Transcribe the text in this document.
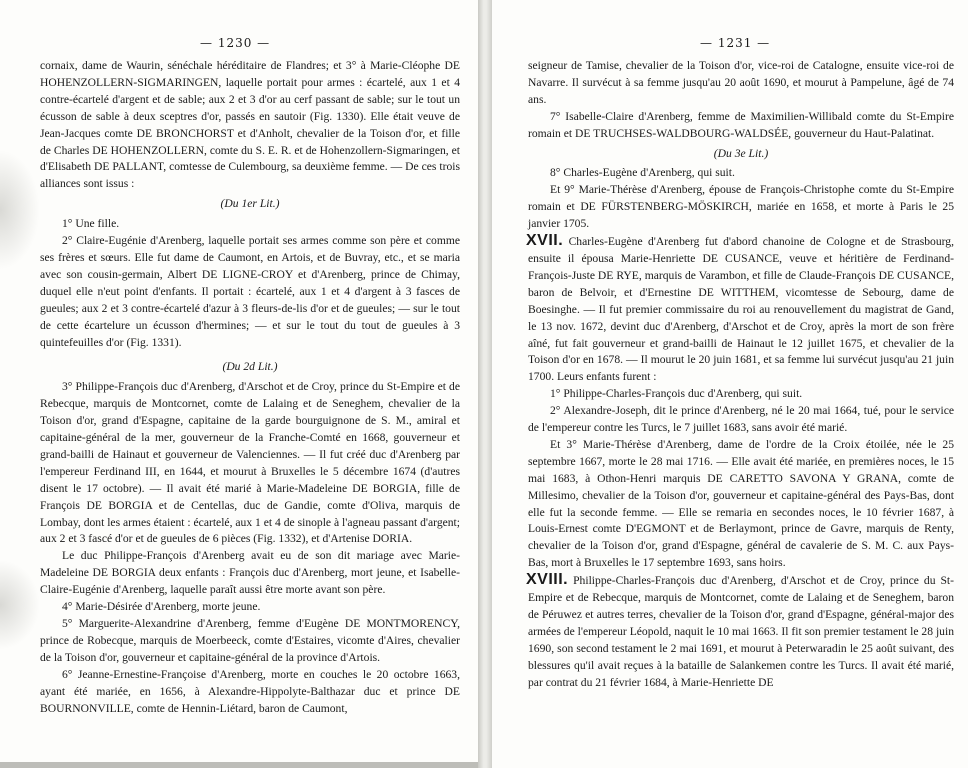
— 1230 —

cornaix, dame de Waurin, sénéchale héréditaire de Flandres; et 3° à Marie-Cléophe DE HOHENZOLLERN-SIGMARINGEN, laquelle portait pour armes : écartelé, aux 1 et 4 contre-écartelé d'argent et de sable; aux 2 et 3 d'or au cerf passant de sable; sur le tout un écusson de sable à deux sceptres d'or, passés en sautoir (Fig. 1330). Elle était veuve de Jean-Jacques comte DE BRONCHORST et d'Anholt, chevalier de la Toison d'or, et fille de Charles DE HOHENZOLLERN, comte du S. E. R. et de Hohenzollern-Sigmaringen, et d'Elisabeth DE PALLANT, comtesse de Culembourg, sa deuxième femme. — De ces trois alliances sont issus :

(Du 1er Lit.)

1° Une fille.

2° Claire-Eugénie d'Arenberg, laquelle portait ses armes comme son père et comme ses frères et sœurs. Elle fut dame de Caumont, en Artois, et de Buvray, etc., et se maria avec son cousin-germain, Albert DE LIGNE-CROY et d'Arenberg, prince de Chimay, duquel elle n'eut point d'enfants. Il portait : écartelé, aux 1 et 4 d'argent à 3 fasces de gueules; aux 2 et 3 contre-écartelé d'azur à 3 fleurs-de-lis d'or et de gueules; — sur le tout de cette écartelure un écusson d'hermines; — et sur le tout du tout de gueules à 3 quintefeuilles d'or (Fig. 1331).

(Du 2d Lit.)

3° Philippe-François duc d'Arenberg, d'Arschot et de Croy, prince du St-Empire et de Rebecque, marquis de Montcornet, comte de Lalaing et de Seneghem, chevalier de la Toison d'or, grand d'Espagne, capitaine de la garde bourguignone de S. M., amiral et capitaine-général de la mer, gouverneur de la Franche-Comté en 1668, gouverneur et grand-bailli de Hainaut et gouverneur de Valenciennes. — Il fut créé duc d'Arenberg par l'empereur Ferdinand III, en 1644, et mourut à Bruxelles le 5 décembre 1674 (d'autres disent le 17 octobre). — Il avait été marié à Marie-Madeleine DE BORGIA, fille de François DE BORGIA et de Centellas, duc de Gandie, comte d'Oliva, marquis de Lombay, dont les armes étaient : écartelé, aux 1 et 4 de sinople à l'agneau passant d'argent; aux 2 et 3 fascé d'or et de gueules de 6 pièces (Fig. 1332), et d'Artenise DORIA.

Le duc Philippe-François d'Arenberg avait eu de son dit mariage avec Marie-Madeleine DE BORGIA deux enfants : François duc d'Arenberg, mort jeune, et Isabelle-Claire-Eugénie d'Arenberg, laquelle paraît aussi être morte avant son père.

4° Marie-Désirée d'Arenberg, morte jeune.

5° Marguerite-Alexandrine d'Arenberg, femme d'Eugène DE MONTMORENCY, prince de Robecque, marquis de Moerbeeck, comte d'Estaires, vicomte d'Aires, chevalier de la Toison d'or, gouverneur et capitaine-général de la province d'Artois.

6° Jeanne-Ernestine-Françoise d'Arenberg, morte en couches le 20 octobre 1663, ayant été mariée, en 1656, à Alexandre-Hippolyte-Balthazar duc et prince DE BOURNONVILLE, comte de Hennin-Liétard, baron de Caumont,

— 1231 —

seigneur de Tamise, chevalier de la Toison d'or, vice-roi de Catalogne, ensuite vice-roi de Navarre. Il survécut à sa femme jusqu'au 20 août 1690, et mourut à Pampelune, âgé de 74 ans.

7° Isabelle-Claire d'Arenberg, femme de Maximilien-Willibald comte du St-Empire romain et DE TRUCHSES-WALDBOURG-WALDSÉE, gouverneur du Haut-Palatinat.

(Du 3e Lit.)

8° Charles-Eugène d'Arenberg, qui suit.

Et 9° Marie-Thérèse d'Arenberg, épouse de François-Christophe comte du St-Empire romain et DE FÜRSTENBERG-MÖSKIRCH, mariée en 1658, et morte à Paris le 25 janvier 1705.

XVII. Charles-Eugène d'Arenberg fut d'abord chanoine de Cologne et de Strasbourg, ensuite il épousa Marie-Henriette DE CUSANCE, veuve et héritière de Ferdinand-François-Juste DE RYE, marquis de Varambon, et fille de Claude-François DE CUSANCE, baron de Belvoir, et d'Ernestine DE WITTHEM, vicomtesse de Sebourg, dame de Boesinghe. — Il fut premier commissaire du roi au renouvellement du magistrat de Gand, le 13 nov. 1672, devint duc d'Arenberg, d'Arschot et de Croy, après la mort de son frère aîné, fut fait gouverneur et grand-bailli de Hainaut le 12 juillet 1675, et chevalier de la Toison d'or en 1678. — Il mourut le 20 juin 1681, et sa femme lui survécut jusqu'au 21 juin 1700. Leurs enfants furent :

1° Philippe-Charles-François duc d'Arenberg, qui suit.

2° Alexandre-Joseph, dit le prince d'Arenberg, né le 20 mai 1664, tué, pour le service de l'empereur contre les Turcs, le 7 juillet 1683, sans avoir été marié.

Et 3° Marie-Thérèse d'Arenberg, dame de l'ordre de la Croix étoilée, née le 25 septembre 1667, morte le 28 mai 1716. — Elle avait été mariée, en premières noces, le 15 mai 1683, à Othon-Henri marquis DE CARETTO SAVONA Y GRANA, comte de Millesimo, chevalier de la Toison d'or, gouverneur et capitaine-général des Pays-Bas, dont elle fut la seconde femme. — Elle se remaria en secondes noces, le 10 février 1687, à Louis-Ernest comte D'EGMONT et de Berlaymont, prince de Gavre, marquis de Renty, chevalier de la Toison d'or, grand d'Espagne, général de cavalerie de S. M. C. aux Pays-Bas, mort à Bruxelles le 17 septembre 1693, sans hoirs.

XVIII. Philippe-Charles-François duc d'Arenberg, d'Arschot et de Croy, prince du St-Empire et de Rebecque, marquis de Montcornet, comte de Lalaing et de Seneghem, baron de Péruwez et autres terres, chevalier de la Toison d'or, grand d'Espagne, général-major des armées de l'empereur Léopold, naquit le 10 mai 1663. Il fit son premier testament le 28 juin 1690, son second testament le 2 mai 1691, et mourut à Peterwaradin le 25 août suivant, des blessures qu'il avait reçues à la bataille de Salankemen contre les Turcs. Il avait été marié, par contrat du 21 février 1684, à Marie-Henriette DE
